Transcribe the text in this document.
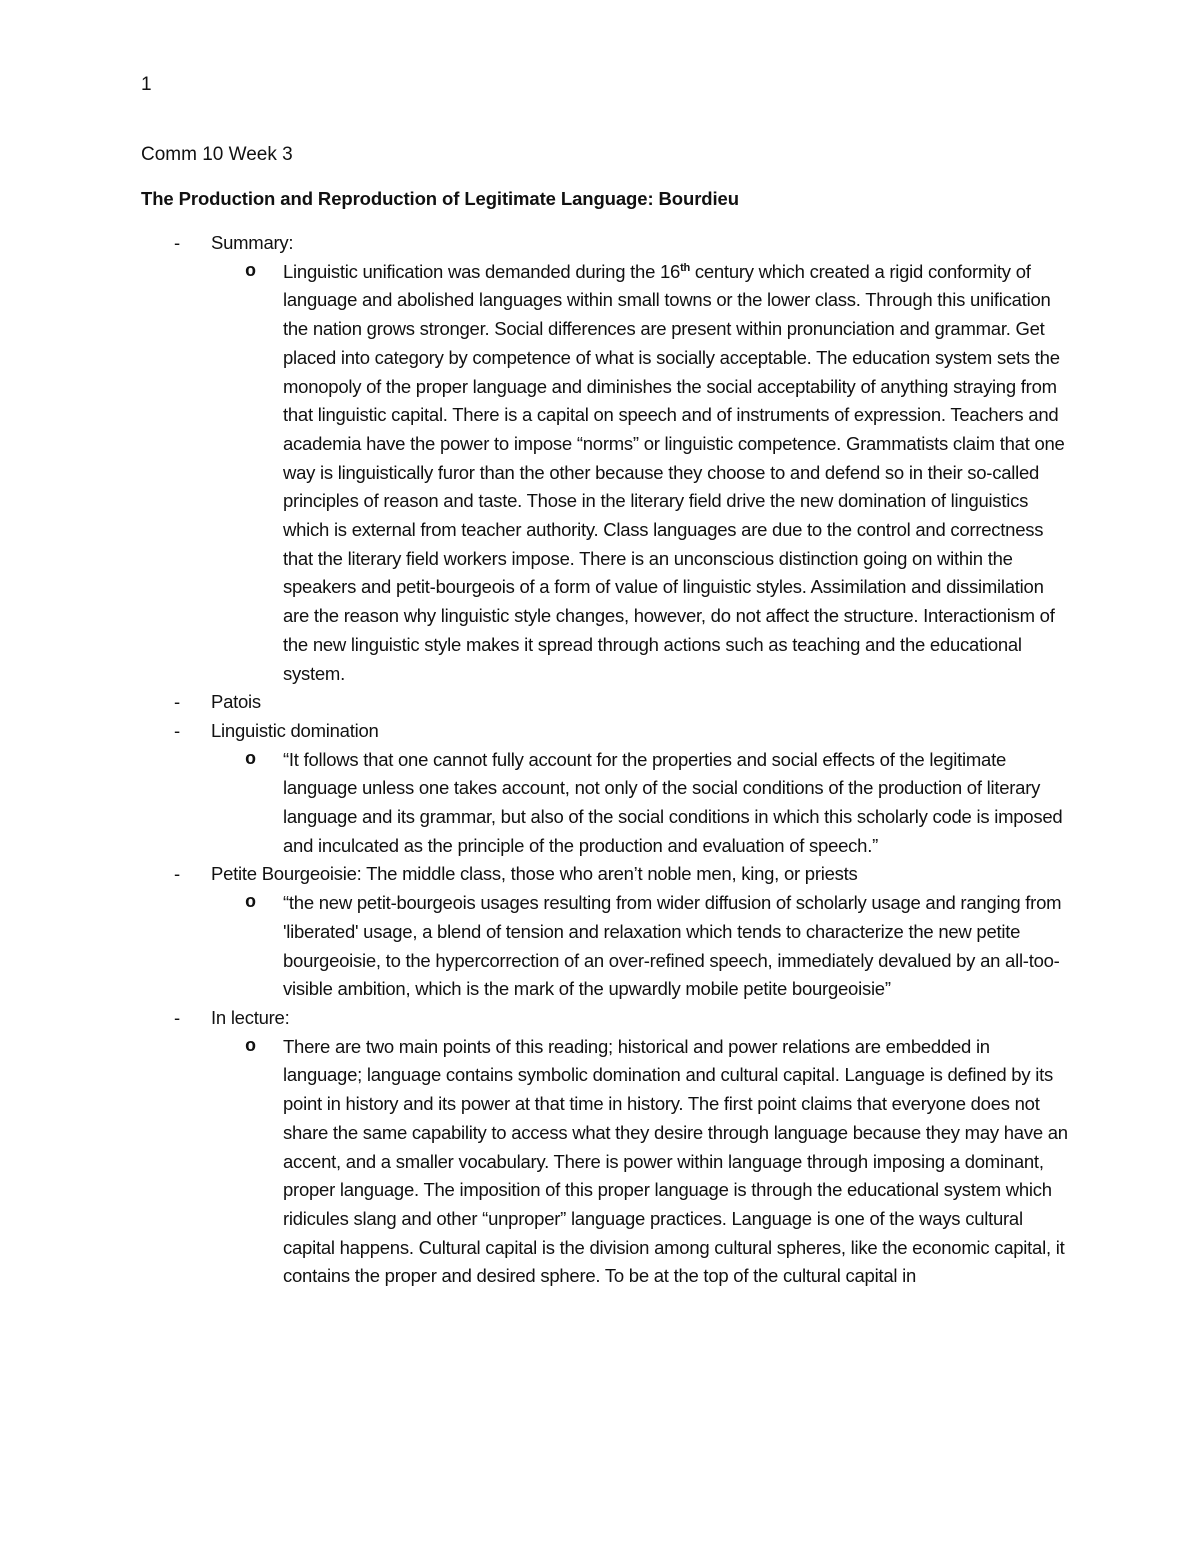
1
Comm 10 Week 3
The Production and Reproduction of Legitimate Language: Bourdieu
- Summary:
o Linguistic unification was demanded during the 16th century which created a rigid conformity of language and abolished languages within small towns or the lower class. Through this unification the nation grows stronger. Social differences are present within pronunciation and grammar. Get placed into category by competence of what is socially acceptable. The education system sets the monopoly of the proper language and diminishes the social acceptability of anything straying from that linguistic capital. There is a capital on speech and of instruments of expression. Teachers and academia have the power to impose “norms” or linguistic competence. Grammatists claim that one way is linguistically furor than the other because they choose to and defend so in their so-called principles of reason and taste. Those in the literary field drive the new domination of linguistics which is external from teacher authority. Class languages are due to the control and correctness that the literary field workers impose. There is an unconscious distinction going on within the speakers and petit-bourgeois of a form of value of linguistic styles. Assimilation and dissimilation are the reason why linguistic style changes, however, do not affect the structure. Interactionism of the new linguistic style makes it spread through actions such as teaching and the educational system.
- Patois
- Linguistic domination
o “It follows that one cannot fully account for the properties and social effects of the legitimate language unless one takes account, not only of the social conditions of the production of literary language and its grammar, but also of the social conditions in which this scholarly code is imposed and inculcated as the principle of the production and evaluation of speech.”
- Petite Bourgeoisie: The middle class, those who aren’t noble men, king, or priests
o “the new petit-bourgeois usages resulting from wider diffusion of scholarly usage and ranging from 'liberated' usage, a blend of tension and relaxation which tends to characterize the new petite bourgeoisie, to the hypercorrection of an over-refined speech, immediately devalued by an all-too-visible ambition, which is the mark of the upwardly mobile petite bourgeoisie”
- In lecture:
o There are two main points of this reading; historical and power relations are embedded in language; language contains symbolic domination and cultural capital. Language is defined by its point in history and its power at that time in history. The first point claims that everyone does not share the same capability to access what they desire through language because they may have an accent, and a smaller vocabulary. There is power within language through imposing a dominant, proper language. The imposition of this proper language is through the educational system which ridicules slang and other “unproper” language practices. Language is one of the ways cultural capital happens. Cultural capital is the division among cultural spheres, like the economic capital, it contains the proper and desired sphere. To be at the top of the cultural capital in
